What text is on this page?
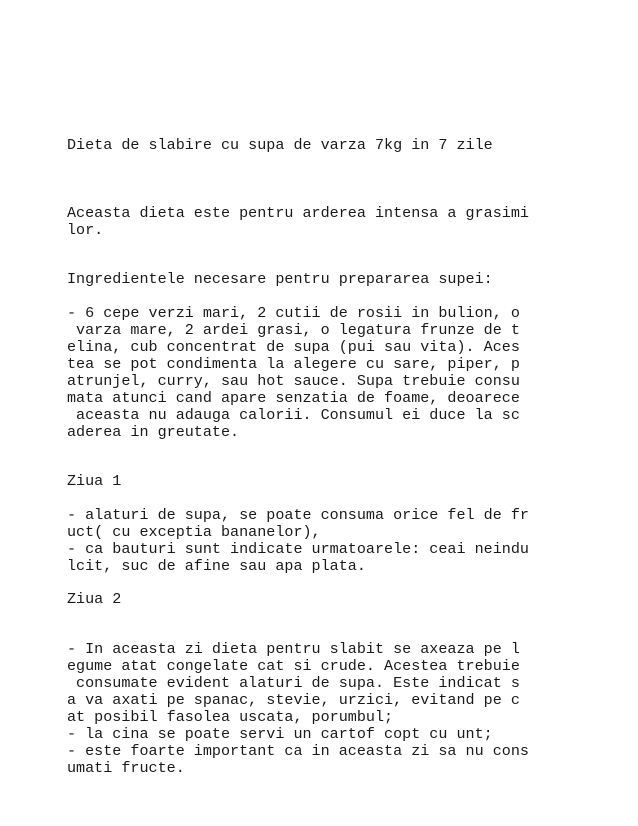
Dieta de slabire cu supa de varza 7kg in 7 zile

Aceasta dieta este pentru arderea intensa a grasimi

lor.

Ingredientele necesare pentru prepararea supei:

- 6 cepe verzi mari, 2 cutii de rosii in bulion, o

varza mare, 2 ardei grasi, o legatura frunze de t

elina, cub concentrat de supa (pui sau vita). Aces

tea se pot condimenta la alegere cu sare, piper, p

atrunjel, curry, sau hot sauce. Supa trebuie consu

mata atunci cand apare senzatia de foame, deoarece

aceasta nu adauga calorii. Consumul ei duce la sc

aderea in greutate.

Ziua 1

- alaturi de supa, se poate consuma orice fel de fr

uct( cu exceptia bananelor),

- ca bauturi sunt indicate urmatoarele: ceai neindu

lcit, suc de afine sau apa plata.

Ziua 2

- In aceasta zi dieta pentru slabit se axeaza pe l

egume atat congelate cat si crude. Acestea trebuie

consumate evident alaturi de supa. Este indicat s

a va axati pe spanac, stevie, urzici, evitand pe c

at posibil fasolea uscata, porumbul;

- la cina se poate servi un cartof copt cu unt;

- este foarte important ca in aceasta zi sa nu cons

umati fructe.
